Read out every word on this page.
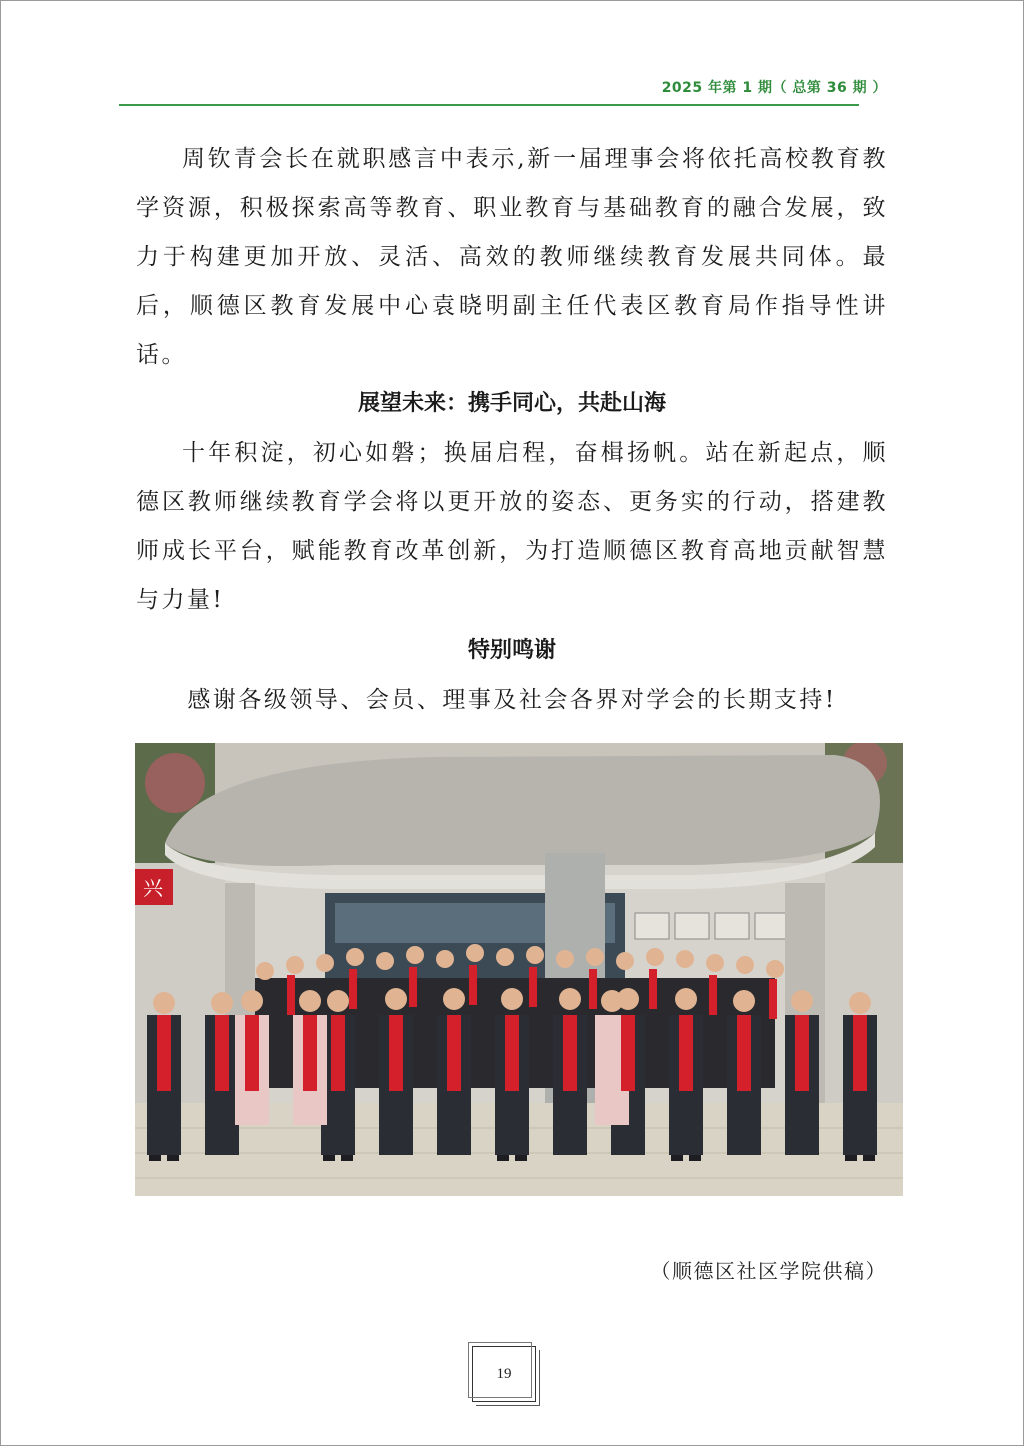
2025 年第 1 期（ 总第 36 期 ）

周钦青会长在就职感言中表示,新一届理事会将依托高校教育教学资源，积极探索高等教育、职业教育与基础教育的融合发展，致力于构建更加开放、灵活、高效的教师继续教育发展共同体。最后，顺德区教育发展中心袁晓明副主任代表区教育局作指导性讲话。

展望未来：携手同心，共赴山海

十年积淀，初心如磐；换届启程，奋楫扬帆。站在新起点，顺德区教师继续教育学会将以更开放的姿态、更务实的行动，搭建教师成长平台，赋能教育改革创新，为打造顺德区教育高地贡献智慧与力量!

特别鸣谢

感谢各级领导、会员、理事及社会各界对学会的长期支持!

兴

（顺德区社区学院供稿）

19
